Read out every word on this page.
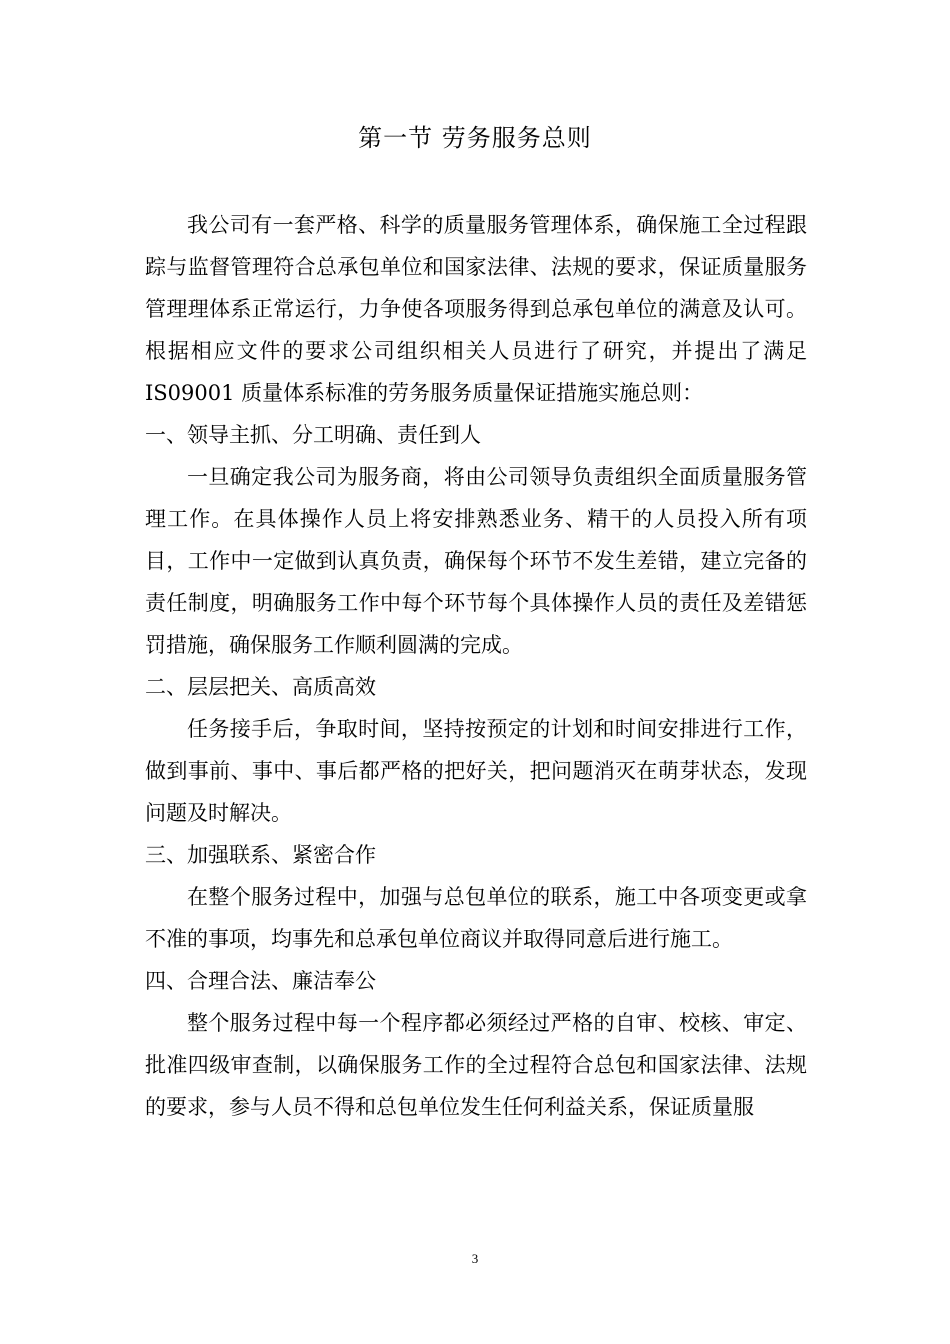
第一节 劳务服务总则

我公司有一套严格、科学的质量服务管理体系，确保施工全过程跟踪与监督管理符合总承包单位和国家法律、法规的要求，保证质量服务管理理体系正常运行，力争使各项服务得到总承包单位的满意及认可。根据相应文件的要求公司组织相关人员进行了研究，并提出了满足 IS09001 质量体系标准的劳务服务质量保证措施实施总则：

一、领导主抓、分工明确、责任到人

一旦确定我公司为服务商，将由公司领导负责组织全面质量服务管理工作。在具体操作人员上将安排熟悉业务、精干的人员投入所有项目，工作中一定做到认真负责，确保每个环节不发生差错，建立完备的责任制度，明确服务工作中每个环节每个具体操作人员的责任及差错惩罚措施，确保服务工作顺利圆满的完成。

二、层层把关、高质高效

任务接手后，争取时间，坚持按预定的计划和时间安排进行工作，做到事前、事中、事后都严格的把好关，把问题消灭在萌芽状态，发现问题及时解决。

三、加强联系、紧密合作

在整个服务过程中，加强与总包单位的联系，施工中各项变更或拿不准的事项，均事先和总承包单位商议并取得同意后进行施工。

四、合理合法、廉洁奉公

整个服务过程中每一个程序都必须经过严格的自审、校核、审定、批准四级审查制，以确保服务工作的全过程符合总包和国家法律、法规的要求，参与人员不得和总包单位发生任何利益关系，保证质量服

3
